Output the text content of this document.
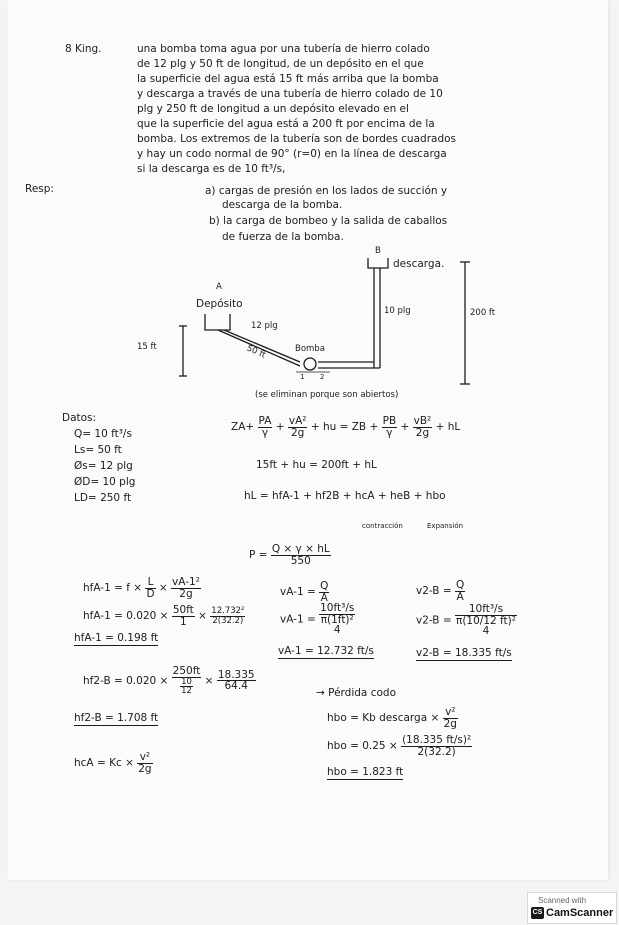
8 King.	una bomba toma agua por una tubería de hierro colado
de 12 plg y 50 ft de longitud, de un depósito en el que
la superficie del agua está 15 ft más arriba que la bomba
y descarga a través de una tubería de hierro colado de 10
plg y 250 ft de longitud a un depósito elevado en el
que la superficie del agua está a 200 ft por encima de la
bomba. Los extremos de la tubería son de bordes cuadrados
y hay un codo normal de 90° (r=0) en la línea de descarga
si la descarga es de 10 ft³/s,
Resp:	a) cargas de presión en los lados de succión y
descarga de la bomba.
b) la carga de bombeo y la salida de caballos
de fuerza de la bomba.
B
descarga.
A
Depósito
12 plg
10 plg	200 ft
15 ft	50 ft	Bomba
1 2
(se eliminan porque son abiertos)
Datos:
Q= 10 ft³/s
Ls= 50 ft
Øs= 12 plg
ØD= 10 plg
LD= 250 ft
$ZA+ \frac{PA}{\gamma} + \frac{\text{vA²}}{2g}$ + hu = ZB + $\frac{PB}{\gamma} + \frac{\text{vB²}}{2g}$ + hL
15ft + hu = 200ft + hL
hL = hfA-1 + hf2B + hcA + heB + hbo
contracción	Expansión
$P = \frac{Q \times \gamma \times hL}{550}$
$hfA-1 = f \times \frac{L}{D} \times \frac{\text{vA-1²}}{2g}$
$hfA-1 = 0.020 \times \frac{50ft}{1} \times \frac{\text{12.732²}}{2(32.2)}$
hfA-1 = 0.198 ft
$hf2-B = 0.020 \times \frac{250ft}{\frac{10}{12}} \times \frac{18.335}{64.4}$
hf2-B = 1.708 ft
hcA = $Kc \times \frac{\text{v²}}{2g}$
$vA-1 = \frac{Q}{A}$
vA-1 =
10ft³/s
π(1ft)²
4
vA-1 = 12.732 ft/s
$v2-B = \frac{Q}{A}$
v2-B =
10ft³/s
π(10/12 ft)²
4
v2-B = 18.335 ft/s
→ Pérdida codo
hbo = Kb descarga × $\frac{\text{v²}}{2g}$
hbo = $0.25 \times \frac{\text{(18.335 ft/s)²}}{2(32.2)}$
hbo = 1.823 ft
Scanned with
CS CamScanner
